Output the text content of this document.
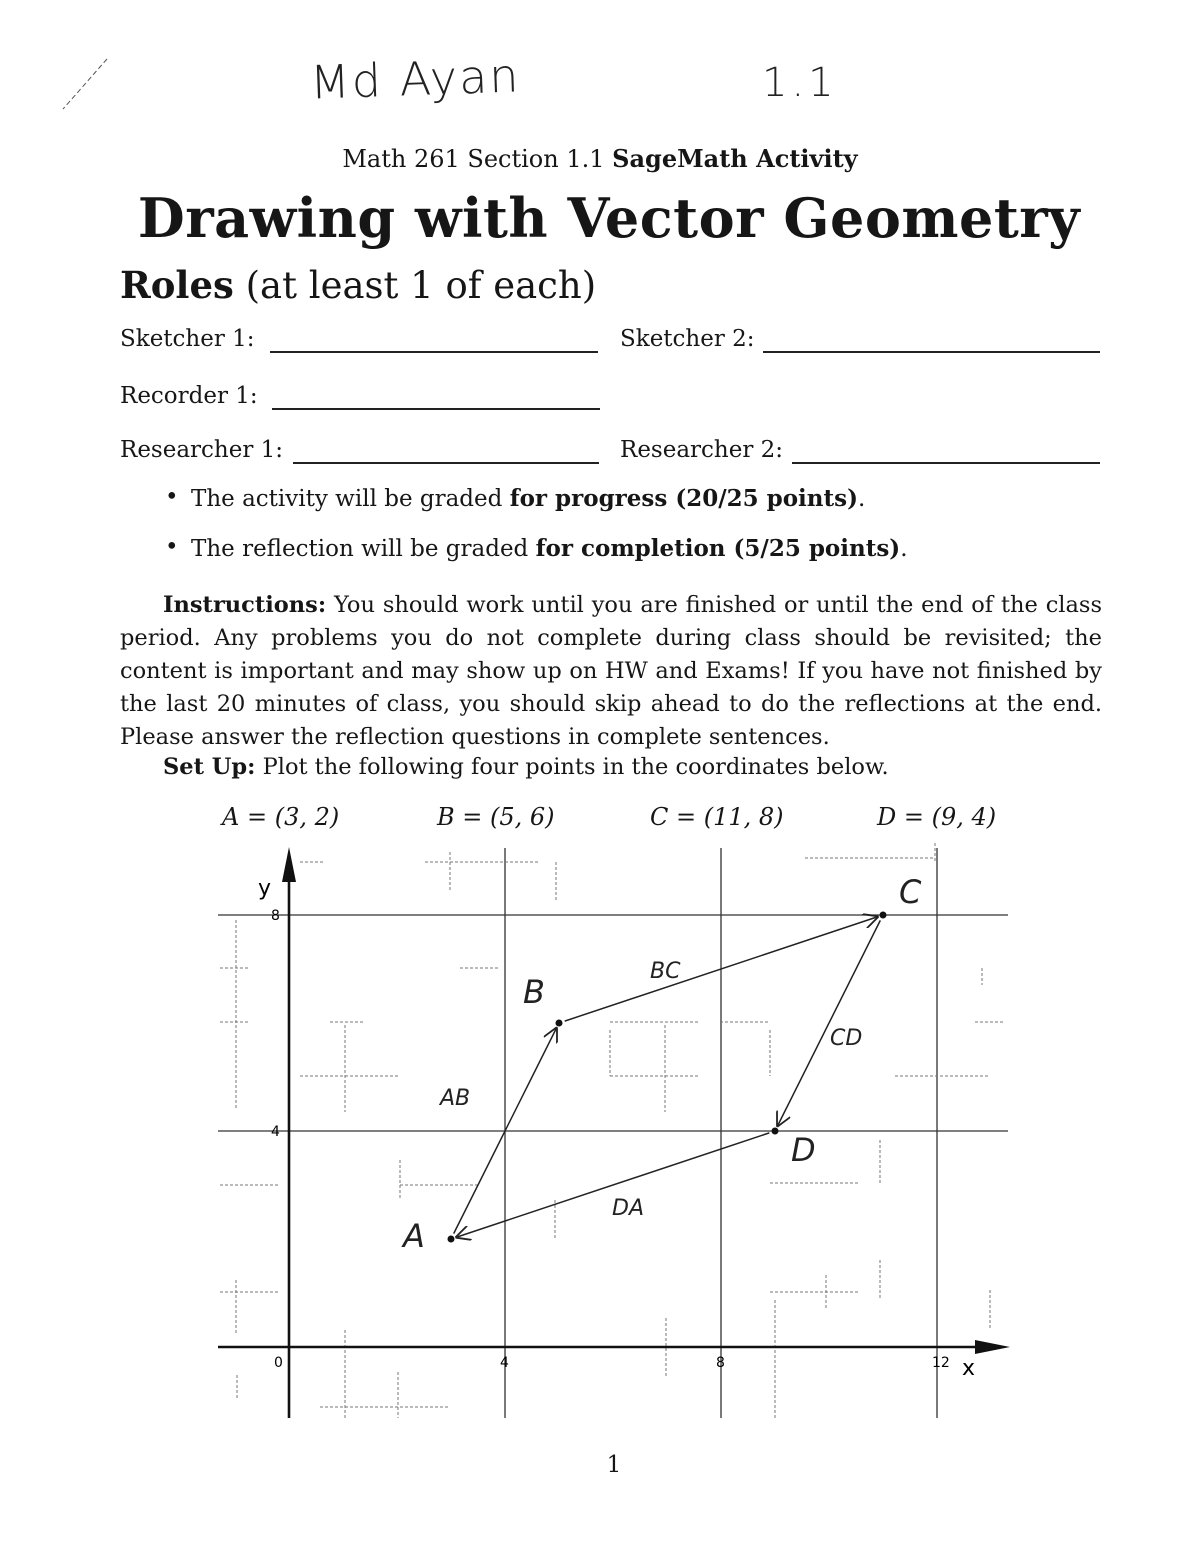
Md Ayan	1.1
Math 261 Section 1.1 SageMath Activity
Drawing with Vector Geometry
Roles (at least 1 of each)
Sketcher 1:	Sketcher 2:
Recorder 1:
Researcher 1:	Researcher 2:
• The activity will be graded for progress (20/25 points).
• The reflection will be graded for completion (5/25 points).
Instructions: You should work until you are finished or until the end of the class period. Any problems you do not complete during class should be revisited; the content is important and may show up on HW and Exams! If you have not finished by the last 20 minutes of class, you should skip ahead to do the reflections at the end. Please answer the reflection questions in complete sentences.
Set Up: Plot the following four points in the coordinates below.
A = (3, 2)	B = (5, 6)	C = (11, 8)	D = (9, 4)
x
y
0	4	8	12
4
8
AB
BC
CD
DA
A
B
C
D
1
